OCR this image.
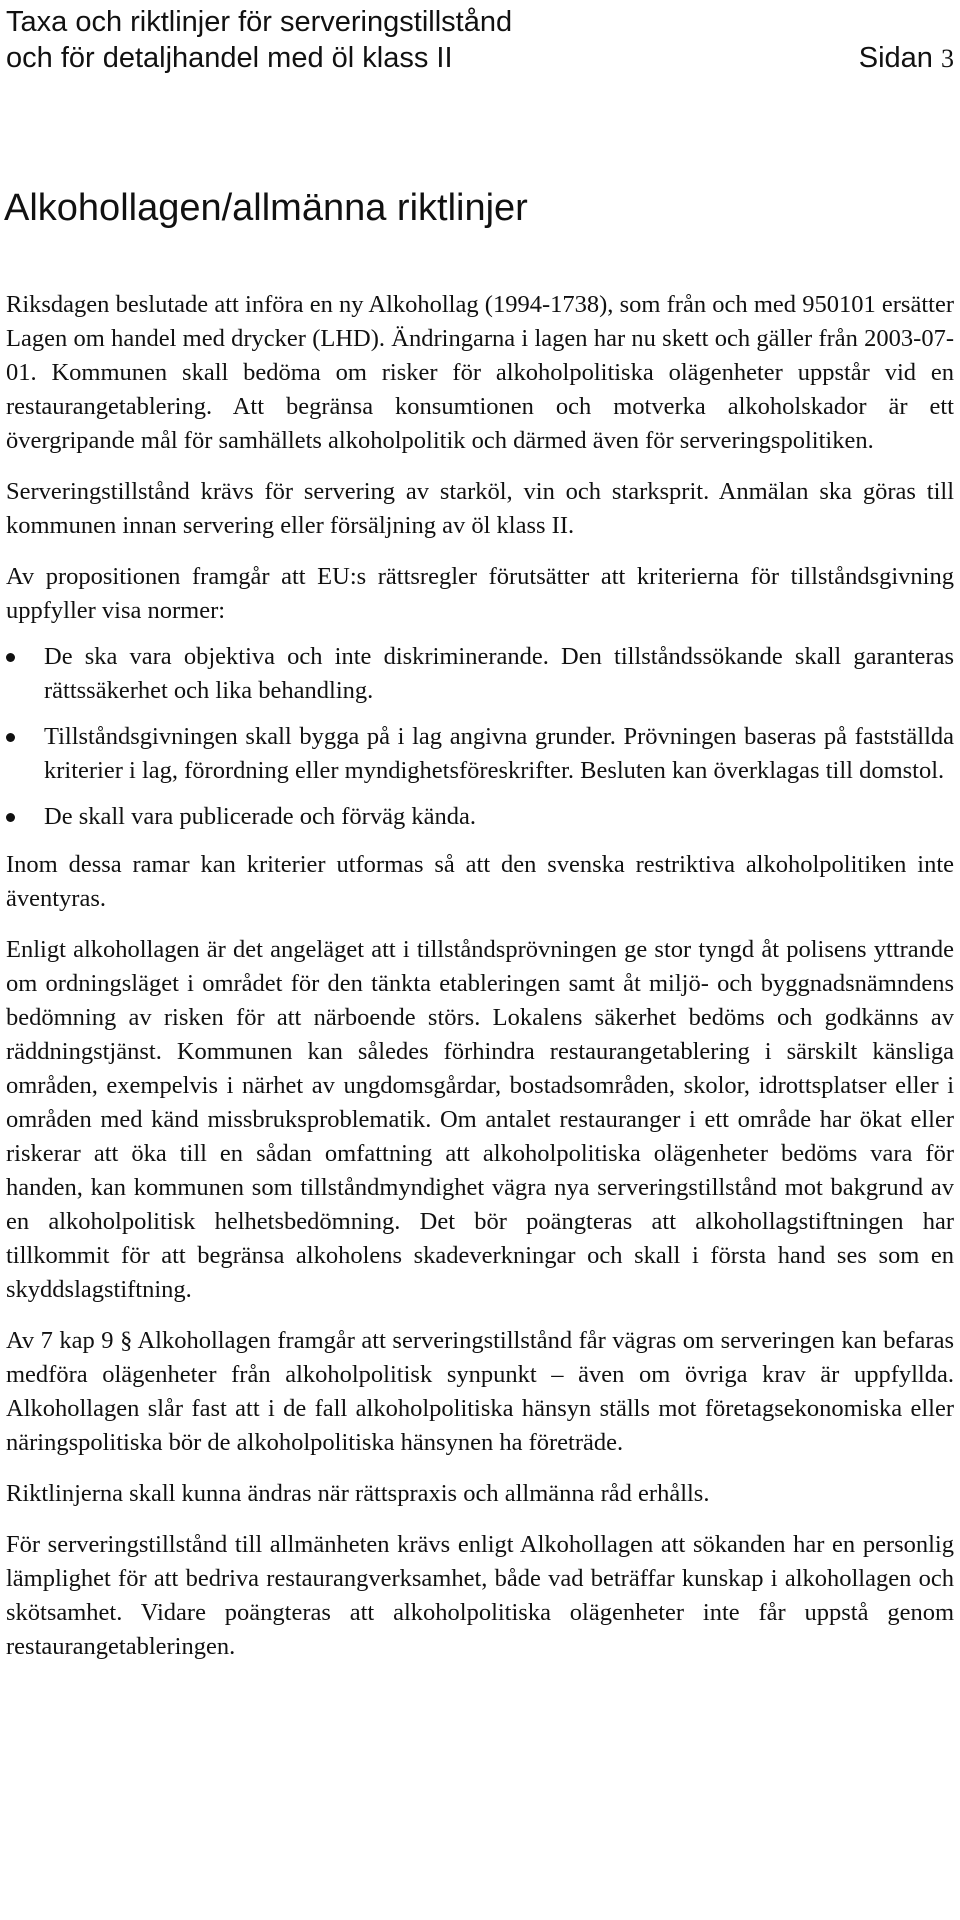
Taxa och riktlinjer för serveringstillstånd
och för detaljhandel med öl klass II	Sidan 3
Alkohollagen/allmänna riktlinjer

Riksdagen beslutade att införa en ny Alkohollag (1994-1738), som från och med 950101 ersätter Lagen om handel med drycker (LHD). Ändringarna i lagen har nu skett och gäller från 2003-07-01. Kommunen skall bedöma om risker för alkoholpolitiska olägenheter uppstår vid en restaurangetablering. Att begränsa konsumtionen och motverka alkoholskador är ett övergripande mål för samhällets alkoholpolitik och därmed även för serveringspolitiken.

Serveringstillstånd krävs för servering av starköl, vin och starksprit. Anmälan ska göras till kommunen innan servering eller försäljning av öl klass II.

Av propositionen framgår att EU:s rättsregler förutsätter att kriterierna för tillståndsgivning uppfyller visa normer:

De ska vara objektiva och inte diskriminerande. Den tillståndssökande skall garanteras rättssäkerhet och lika behandling.
Tillståndsgivningen skall bygga på i lag angivna grunder. Prövningen baseras på fastställda kriterier i lag, förordning eller myndighetsföreskrifter. Besluten kan överklagas till domstol.
De skall vara publicerade och förväg kända.

Inom dessa ramar kan kriterier utformas så att den svenska restriktiva alkoholpolitiken inte äventyras.

Enligt alkohollagen är det angeläget att i tillståndsprövningen ge stor tyngd åt polisens yttrande om ordningsläget i området för den tänkta etableringen samt åt miljö- och byggnadsnämndens bedömning av risken för att närboende störs. Lokalens säkerhet bedöms och godkänns av räddningstjänst. Kommunen kan således förhindra restaurangetablering i särskilt känsliga områden, exempelvis i närhet av ungdomsgårdar, bostadsområden, skolor, idrottsplatser eller i områden med känd missbruksproblematik. Om antalet restauranger i ett område har ökat eller riskerar att öka till en sådan omfattning att alkoholpolitiska olägenheter bedöms vara för handen, kan kommunen som tillståndmyndighet vägra nya serveringstillstånd mot bakgrund av en alkoholpolitisk helhetsbedömning. Det bör poängteras att alkohollagstiftningen har tillkommit för att begränsa alkoholens skadeverkningar och skall i första hand ses som en skyddslagstiftning.

Av 7 kap 9 § Alkohollagen framgår att serveringstillstånd får vägras om serveringen kan befaras medföra olägenheter från alkoholpolitisk synpunkt – även om övriga krav är uppfyllda. Alkohollagen slår fast att i de fall alkoholpolitiska hänsyn ställs mot företagsekonomiska eller näringspolitiska bör de alkoholpolitiska hänsynen ha företräde.

Riktlinjerna skall kunna ändras när rättspraxis och allmänna råd erhålls.

För serveringstillstånd till allmänheten krävs enligt Alkohollagen att sökanden har en personlig lämplighet för att bedriva restaurangverksamhet, både vad beträffar kunskap i alkohollagen och skötsamhet. Vidare poängteras att alkoholpolitiska olägenheter inte får uppstå genom restaurangetableringen.
